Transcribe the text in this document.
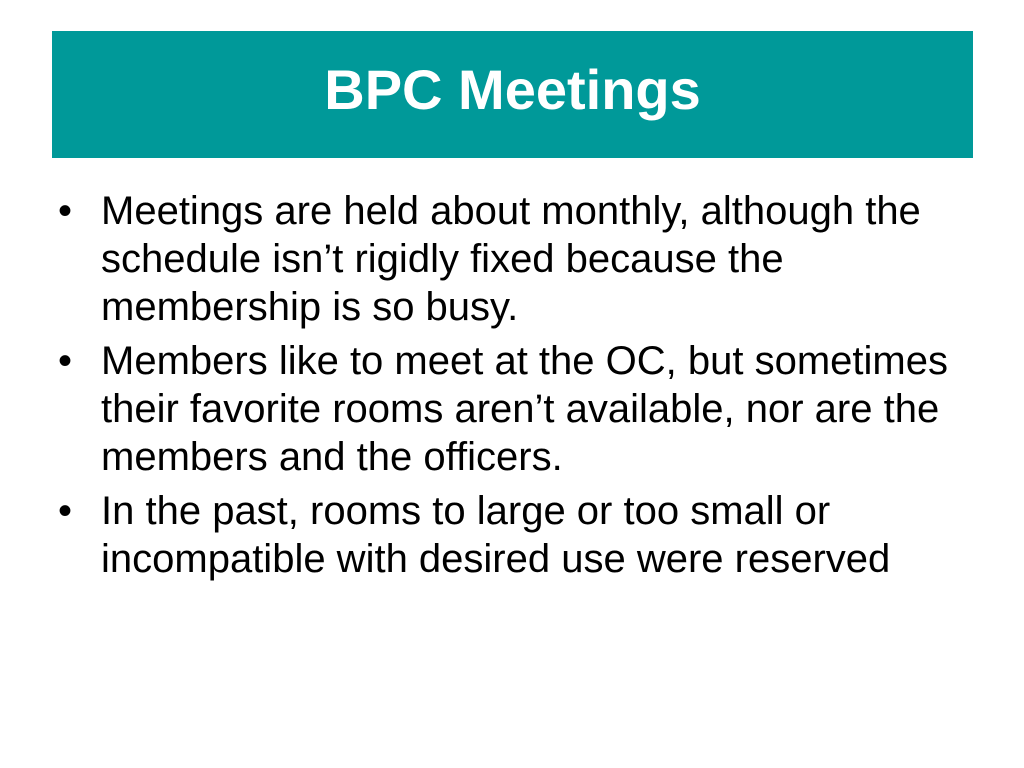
BPC Meetings
• Meetings are held about monthly, although the schedule isn’t rigidly fixed because the membership is so busy.
• Members like to meet at the OC, but sometimes their favorite rooms aren’t available, nor are the members and the officers.
• In the past, rooms to large or too small or incompatible with desired use were reserved
